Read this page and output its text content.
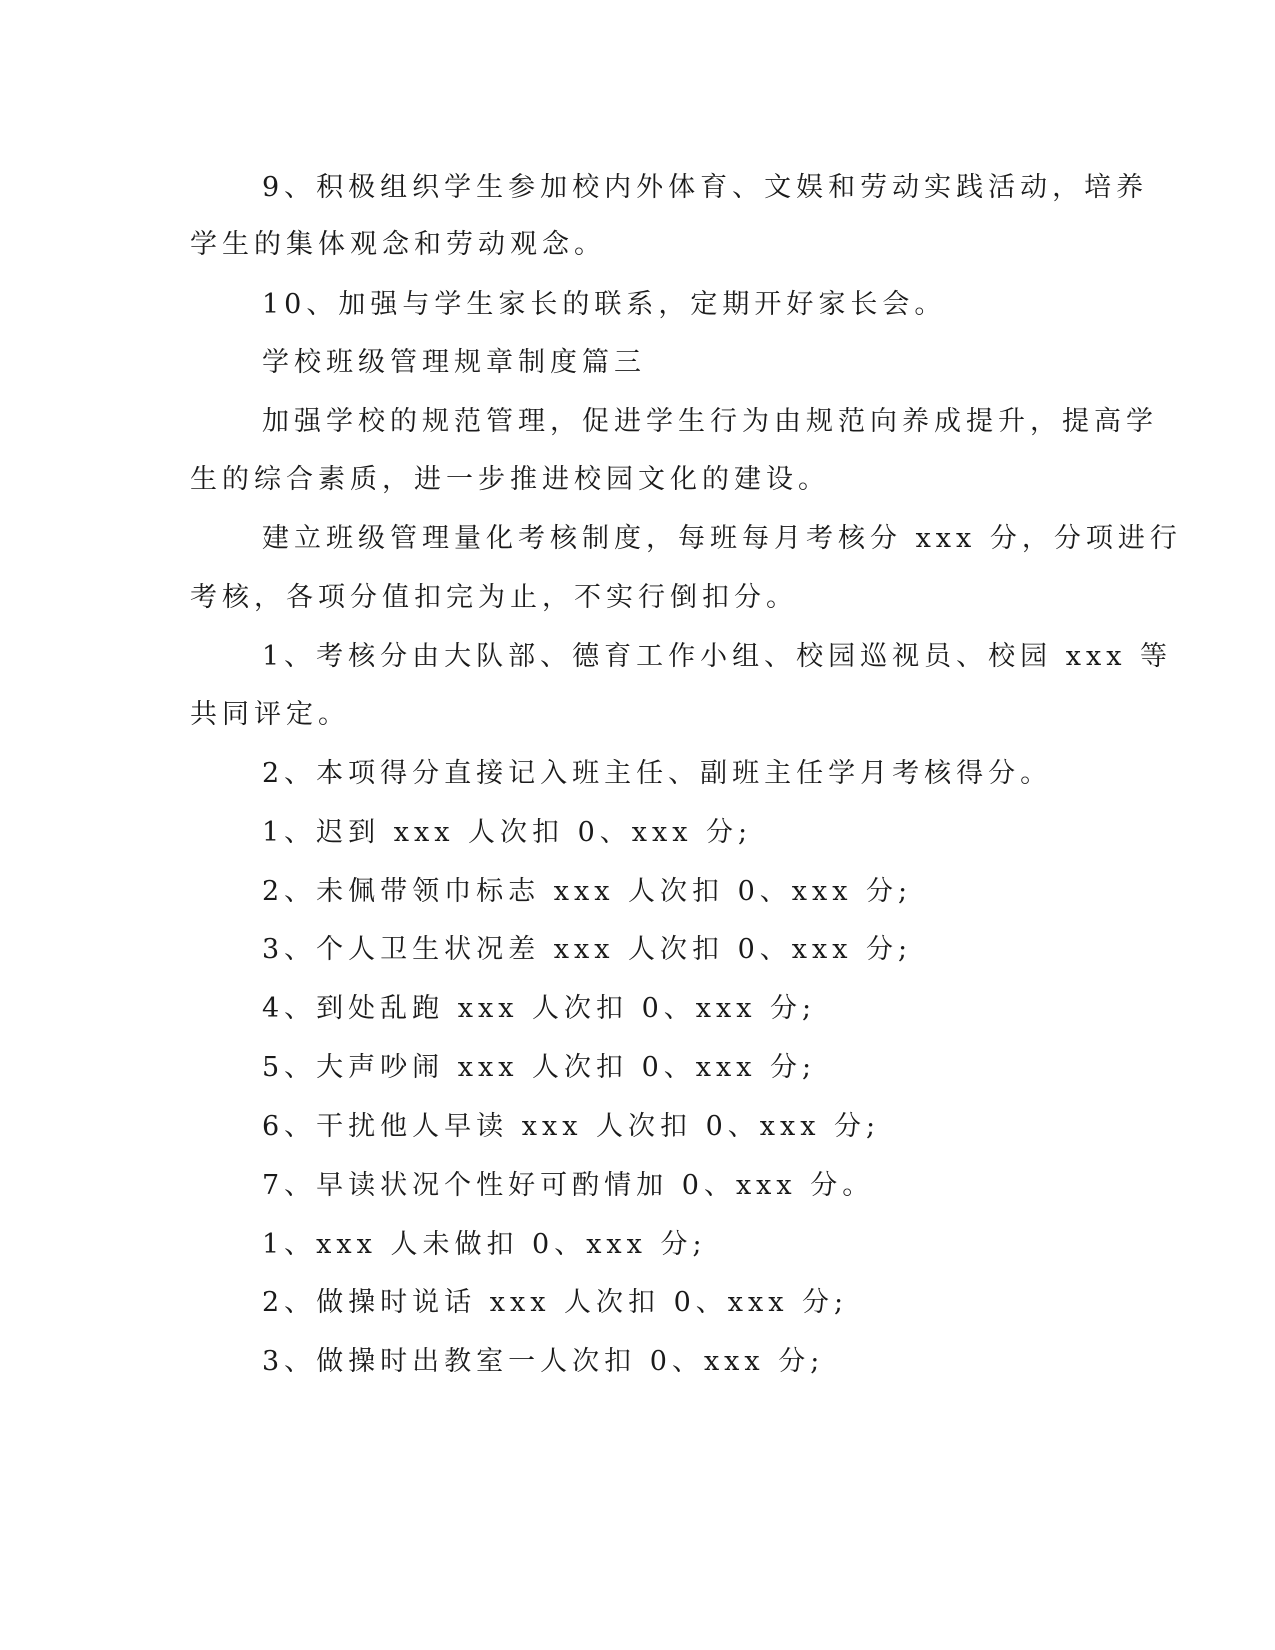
9、积极组织学生参加校内外体育、文娱和劳动实践活动，培养
学生的集体观念和劳动观念。
10、加强与学生家长的联系，定期开好家长会。
学校班级管理规章制度篇三
加强学校的规范管理，促进学生行为由规范向养成提升，提高学
生的综合素质，进一步推进校园文化的建设。
建立班级管理量化考核制度，每班每月考核分 xxx 分，分项进行
考核，各项分值扣完为止，不实行倒扣分。
1、考核分由大队部、德育工作小组、校园巡视员、校园 xxx 等
共同评定。
2、本项得分直接记入班主任、副班主任学月考核得分。
1、迟到 xxx 人次扣 0、xxx 分;
2、未佩带领巾标志 xxx 人次扣 0、xxx 分;
3、个人卫生状况差 xxx 人次扣 0、xxx 分;
4、到处乱跑 xxx 人次扣 0、xxx 分;
5、大声吵闹 xxx 人次扣 0、xxx 分;
6、干扰他人早读 xxx 人次扣 0、xxx 分;
7、早读状况个性好可酌情加 0、xxx 分。
1、xxx 人未做扣 0、xxx 分;
2、做操时说话 xxx 人次扣 0、xxx 分;
3、做操时出教室一人次扣 0、xxx 分;
